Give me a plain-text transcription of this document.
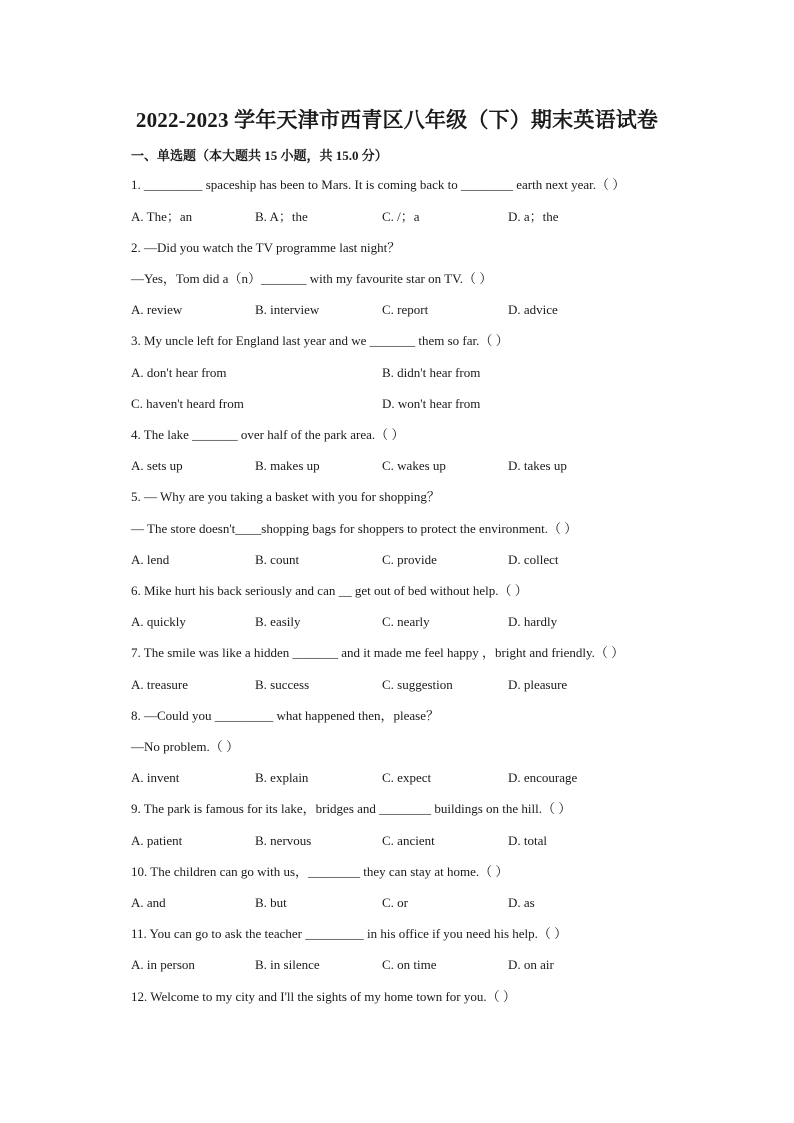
2022-2023 学年天津市西青区八年级（下）期末英语试卷
一、单选题（本大题共 15 小题，共 15.0 分）
1. _________ spaceship has been to Mars. It is coming back to ________ earth next year.（ ）
A. The；an	B. A；the	C. /；a	D. a；the
2. —Did you watch the TV programme last night？
—Yes，Tom did a（n）_______ with my favourite star on TV.（ ）
A. review	B. interview	C. report	D. advice
3. My uncle left for England last year and we _______ them so far.（ ）
A. don't hear from	B. didn't hear from
C. haven't heard from	D. won't hear from
4. The lake _______ over half of the park area.（ ）
A. sets up	B. makes up	C. wakes up	D. takes up
5. — Why are you taking a basket with you for shopping？
— The store doesn't____shopping bags for shoppers to protect the environment.（ ）
A. lend	B. count	C. provide	D. collect
6. Mike hurt his back seriously and can __ get out of bed without help.（ ）
A. quickly	B. easily	C. nearly	D. hardly
7. The smile was like a hidden _______ and it made me feel happy ，bright and friendly.（ ）
A. treasure	B. success	C. suggestion	D. pleasure
8. —Could you _________ what happened then，please？
—No problem.（ ）
A. invent	B. explain	C. expect	D. encourage
9. The park is famous for its lake，bridges and ________ buildings on the hill.（ ）
A. patient	B. nervous	C. ancient	D. total
10. The children can go with us，________ they can stay at home.（ ）
A. and	B. but	C. or	D. as
11. You can go to ask the teacher _________ in his office if you need his help.（ ）
A. in person	B. in silence	C. on time	D. on air
12. Welcome to my city and I'll the sights of my home town for you.（ ）
